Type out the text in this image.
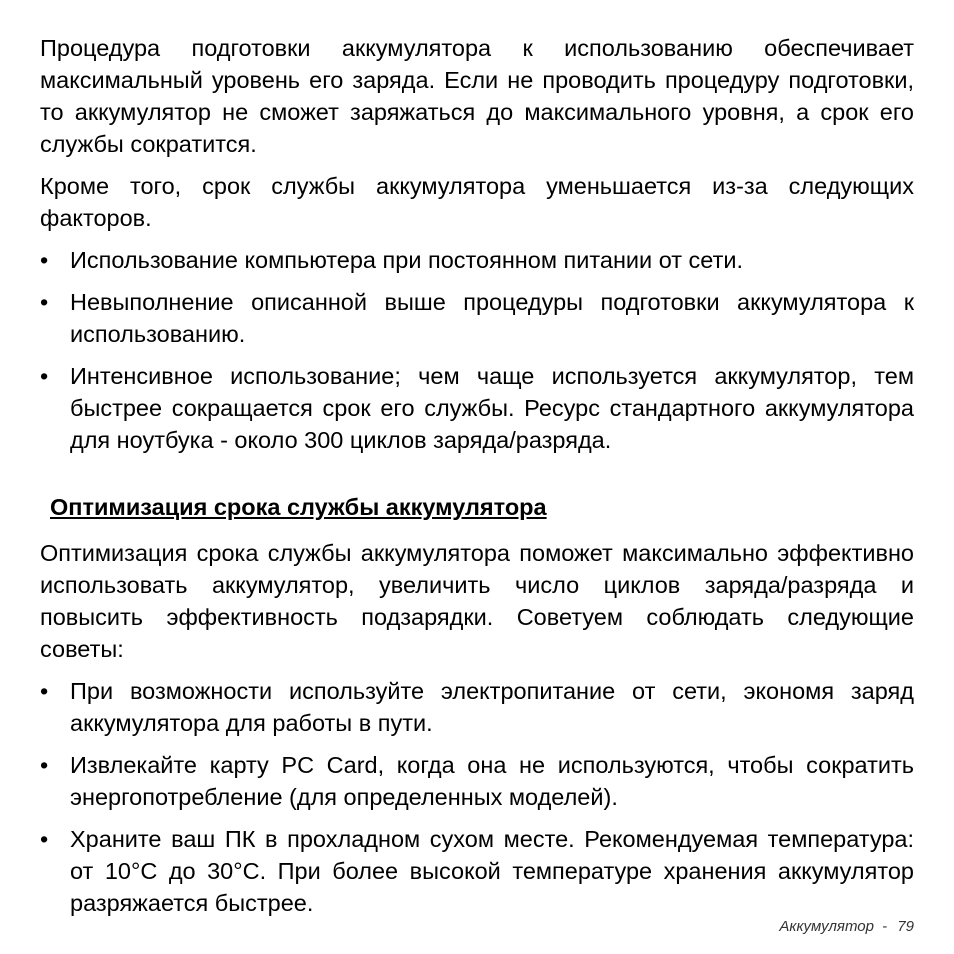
Процедура подготовки аккумулятора к использованию обеспечивает максимальный уровень его заряда. Если не проводить процедуру подготовки, то аккумулятор не сможет заряжаться до максимального уровня, а срок его службы сократится.

Кроме того, срок службы аккумулятора уменьшается из-за следующих факторов.

• Использование компьютера при постоянном питании от сети.
• Невыполнение описанной выше процедуры подготовки аккумулятора к использованию.
• Интенсивное использование; чем чаще используется аккумулятор, тем быстрее сокращается срок его службы. Ресурс стандартного аккумулятора для ноутбука - около 300 циклов заряда/разряда.
Оптимизация срока службы аккумулятора

Оптимизация срока службы аккумулятора поможет максимально эффективно использовать аккумулятор, увеличить число циклов заряда/разряда и повысить эффективность подзарядки. Советуем соблюдать следующие советы:

• При возможности используйте электропитание от сети, экономя заряд аккумулятора для работы в пути.
• Извлекайте карту PC Card, когда она не используются, чтобы сократить энергопотребление (для определенных моделей).
• Храните ваш ПК в прохладном сухом месте. Рекомендуемая температура: от 10°C до 30°C. При более высокой температуре хранения аккумулятор разряжается быстрее.
Аккумулятор - 79
